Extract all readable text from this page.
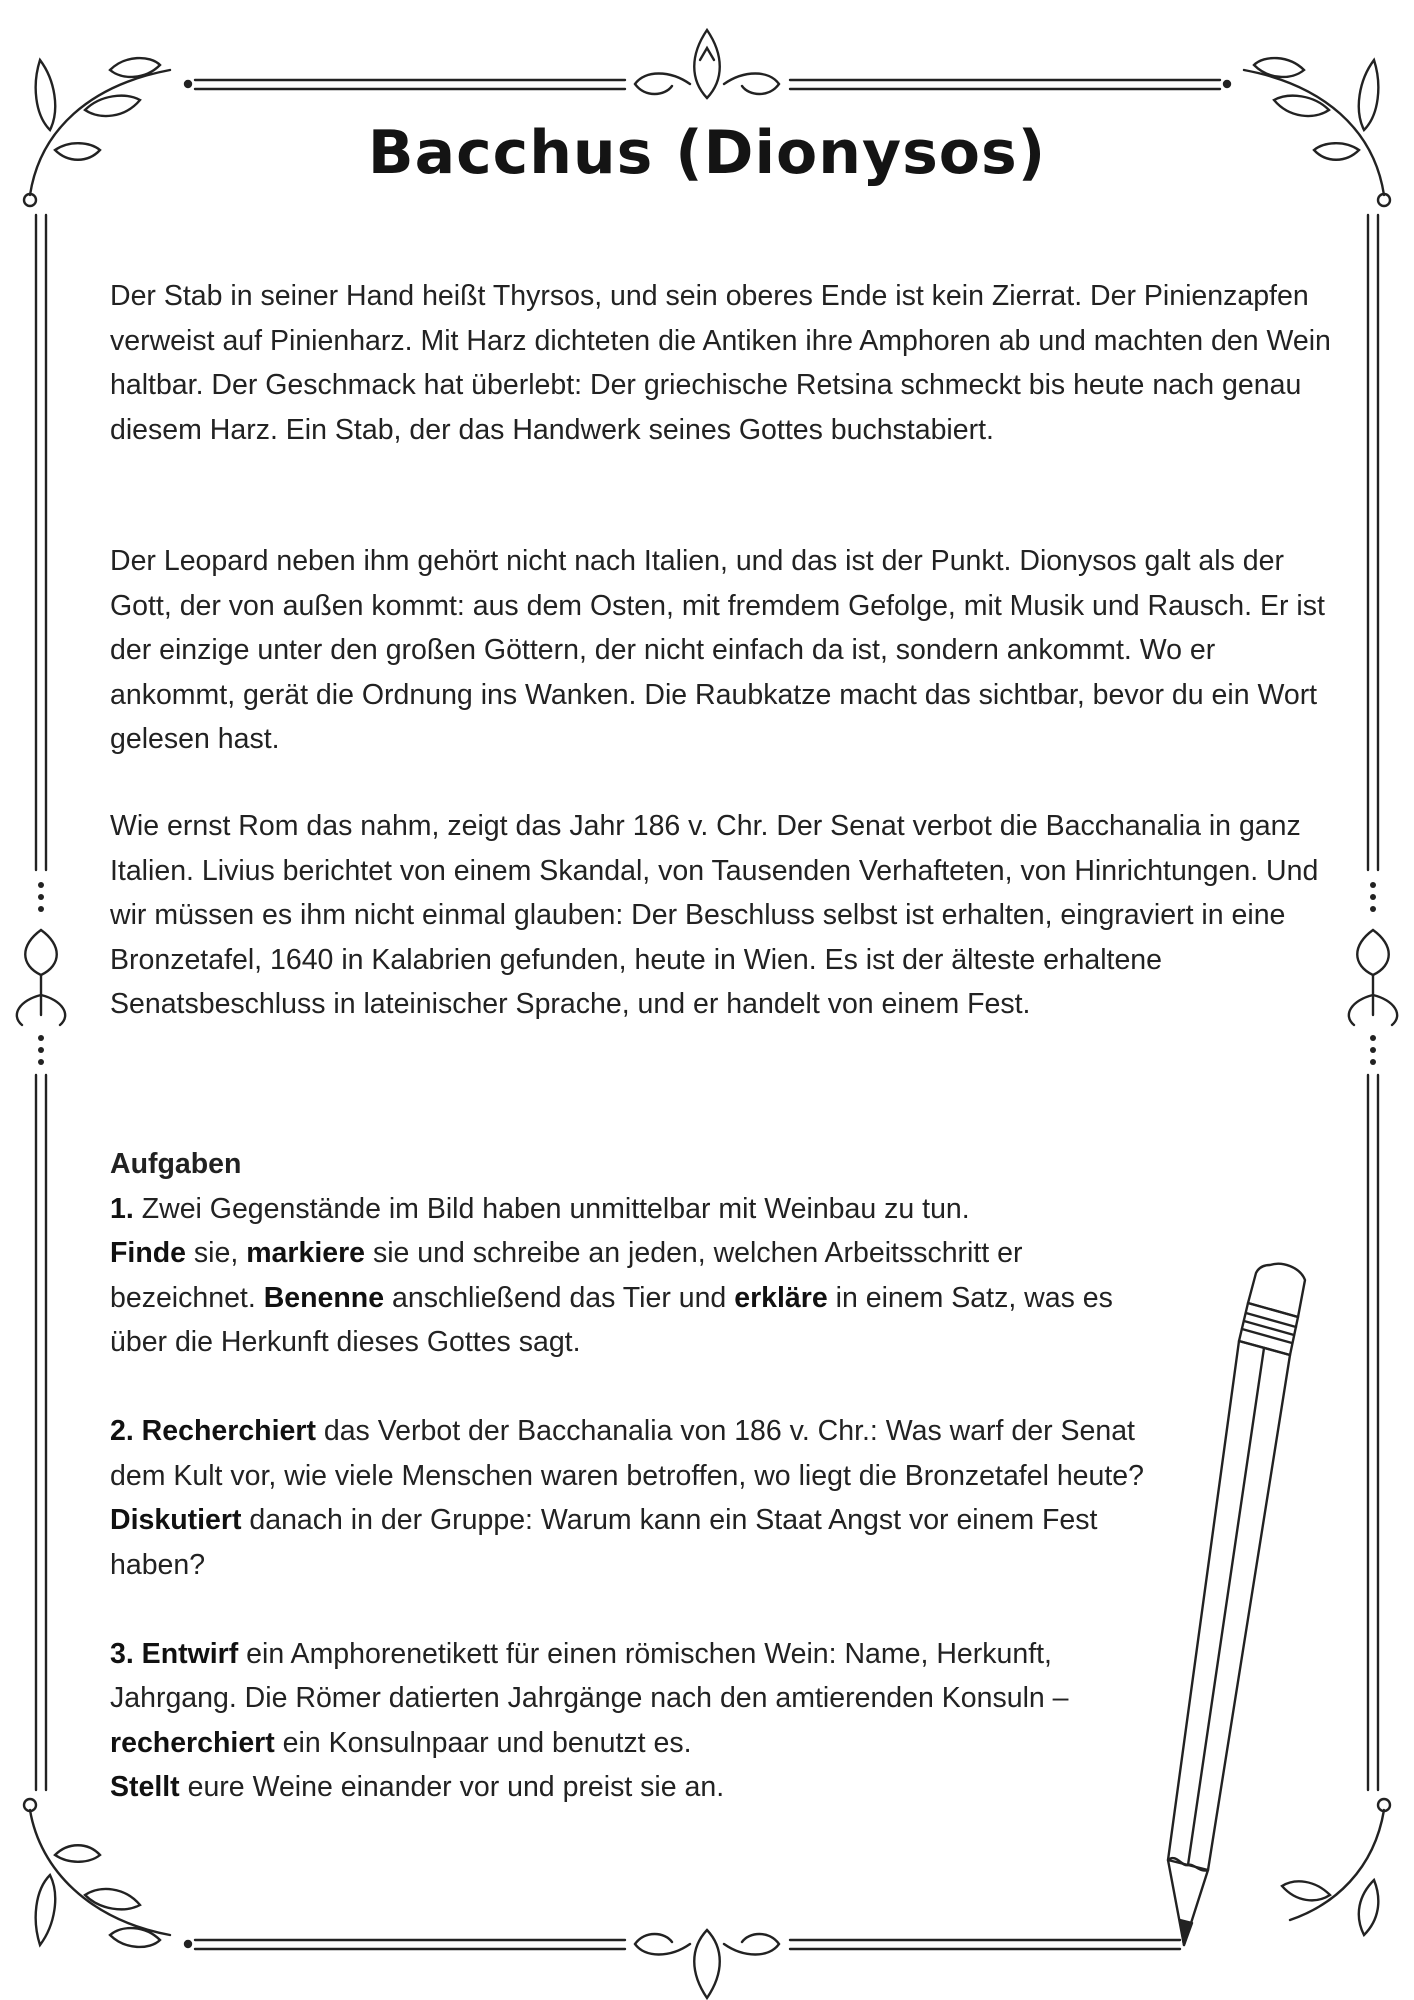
Bacchus (Dionysos)

Der Stab in seiner Hand heißt Thyrsos, und sein oberes Ende ist kein Zierrat. Der Pinienzapfen verweist auf Pinienharz. Mit Harz dichteten die Antiken ihre Amphoren ab und machten den Wein haltbar. Der Geschmack hat überlebt: Der griechische Retsina schmeckt bis heute nach genau diesem Harz. Ein Stab, der das Handwerk seines Gottes buchstabiert.

Der Leopard neben ihm gehört nicht nach Italien, und das ist der Punkt. Dionysos galt als der Gott, der von außen kommt: aus dem Osten, mit fremdem Gefolge, mit Musik und Rausch. Er ist der einzige unter den großen Göttern, der nicht einfach da ist, sondern ankommt. Wo er ankommt, gerät die Ordnung ins Wanken. Die Raubkatze macht das sichtbar, bevor du ein Wort gelesen hast.

Wie ernst Rom das nahm, zeigt das Jahr 186 v. Chr. Der Senat verbot die Bacchanalia in ganz Italien. Livius berichtet von einem Skandal, von Tausenden Verhafteten, von Hinrichtungen. Und wir müssen es ihm nicht einmal glauben: Der Beschluss selbst ist erhalten, eingraviert in eine Bronzetafel, 1640 in Kalabrien gefunden, heute in Wien. Es ist der älteste erhaltene Senatsbeschluss in lateinischer Sprache, und er handelt von einem Fest.

Aufgaben

1. Zwei Gegenstände im Bild haben unmittelbar mit Weinbau zu tun.
Finde sie, markiere sie und schreibe an jeden, welchen Arbeitsschritt er bezeichnet. Benenne anschließend das Tier und erkläre in einem Satz, was es über die Herkunft dieses Gottes sagt.

2. Recherchiert das Verbot der Bacchanalia von 186 v. Chr.: Was warf der Senat dem Kult vor, wie viele Menschen waren betroffen, wo liegt die Bronzetafel heute? Diskutiert danach in der Gruppe: Warum kann ein Staat Angst vor einem Fest haben?

3. Entwirf ein Amphorenetikett für einen römischen Wein: Name, Herkunft, Jahrgang. Die Römer datierten Jahrgänge nach den amtierenden Konsuln – recherchiert ein Konsulnpaar und benutzt es.
Stellt eure Weine einander vor und preist sie an.
